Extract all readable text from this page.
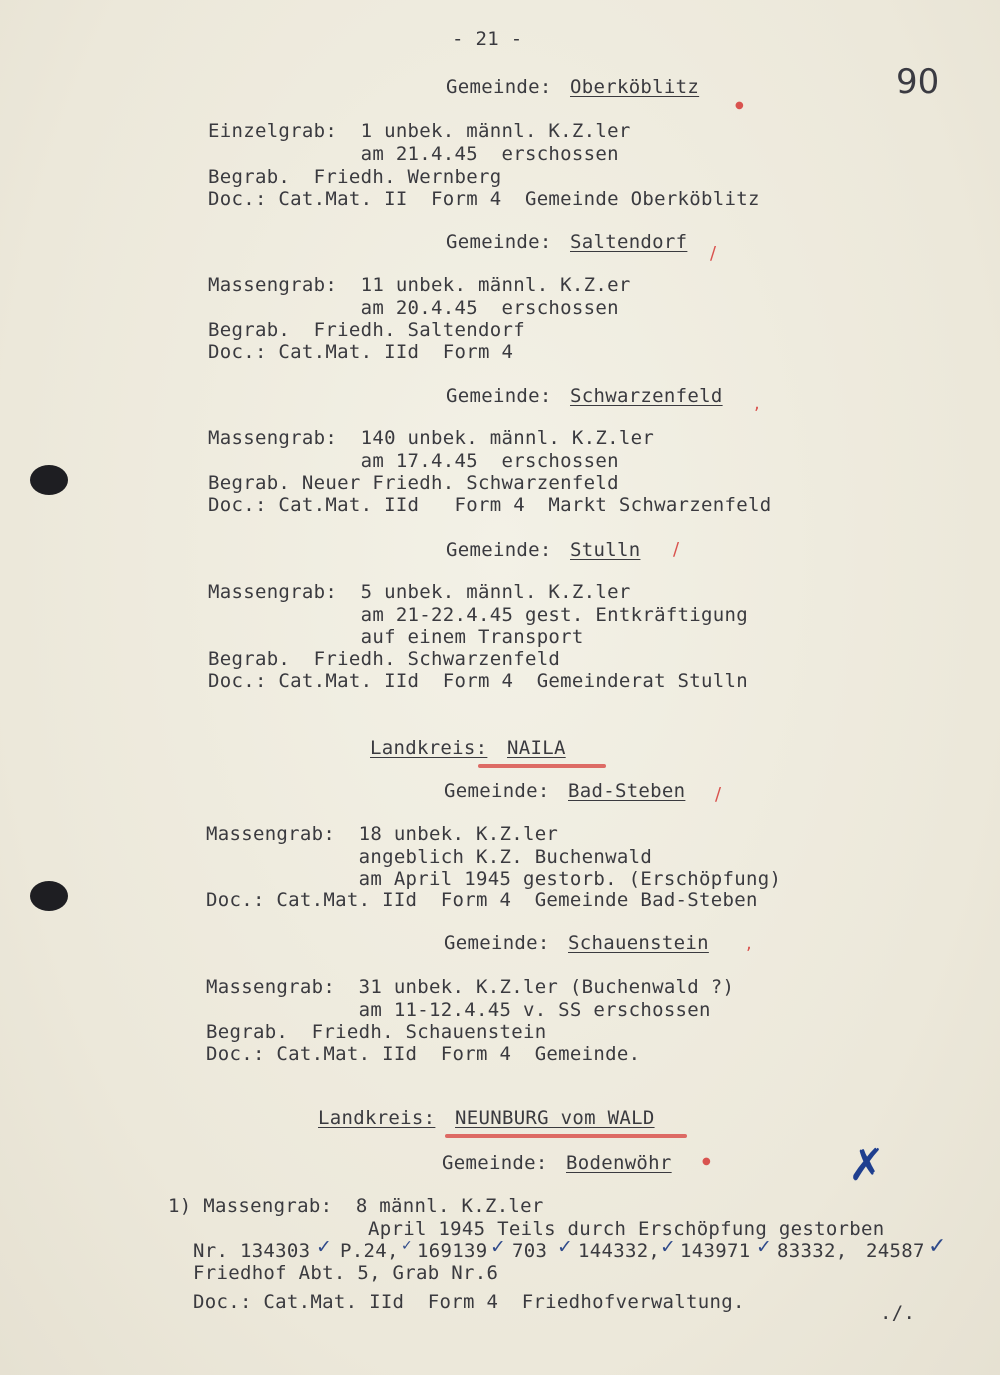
- 21 -
90
Gemeinde: Oberköblitz
●
Einzelgrab:  1 unbek. männl. K.Z.ler
am 21.4.45  erschossen
Begrab.  Friedh. Wernberg
Doc.: Cat.Mat. II  Form 4  Gemeinde Oberköblitz
Gemeinde: Saltendorf
/
Massengrab:  11 unbek. männl. K.Z.er
am 20.4.45  erschossen
Begrab.  Friedh. Saltendorf
Doc.: Cat.Mat. IId  Form 4
Gemeinde: Schwarzenfeld ,
Massengrab:  140 unbek. männl. K.Z.ler
am 17.4.45  erschossen
Begrab. Neuer Friedh. Schwarzenfeld
Doc.: Cat.Mat. IId   Form 4  Markt Schwarzenfeld
Gemeinde: Stulln /
Massengrab:  5 unbek. männl. K.Z.ler
am 21-22.4.45 gest. Entkräftigung
auf einem Transport
Begrab.  Friedh. Schwarzenfeld
Doc.: Cat.Mat. IId  Form 4  Gemeinderat Stulln
Landkreis: NAILA
Gemeinde: Bad-Steben /
Massengrab:  18 unbek. K.Z.ler
angeblich K.Z. Buchenwald
am April 1945 gestorb. (Erschöpfung)
Doc.: Cat.Mat. IId  Form 4  Gemeinde Bad-Steben
Gemeinde: Schauenstein ,
Massengrab:  31 unbek. K.Z.ler (Buchenwald ?)
am 11-12.4.45 v. SS erschossen
Begrab.  Friedh. Schauenstein
Doc.: Cat.Mat. IId  Form 4  Gemeinde.
Landkreis: NEUNBURG vom WALD
Gemeinde: Bodenwöhr	●	✗
1) Massengrab:  8 männl. K.Z.ler
April 1945 Teils durch Erschöpfung gestorben
Nr. 134303 ✓ P.24, ✓ 169139 ✓ 703 ✓ 144332, ✓ 143971 ✓ 83332, 24587 ✓
Friedhof Abt. 5, Grab Nr.6
Doc.: Cat.Mat. IId  Form 4  Friedhofverwaltung.	./.
